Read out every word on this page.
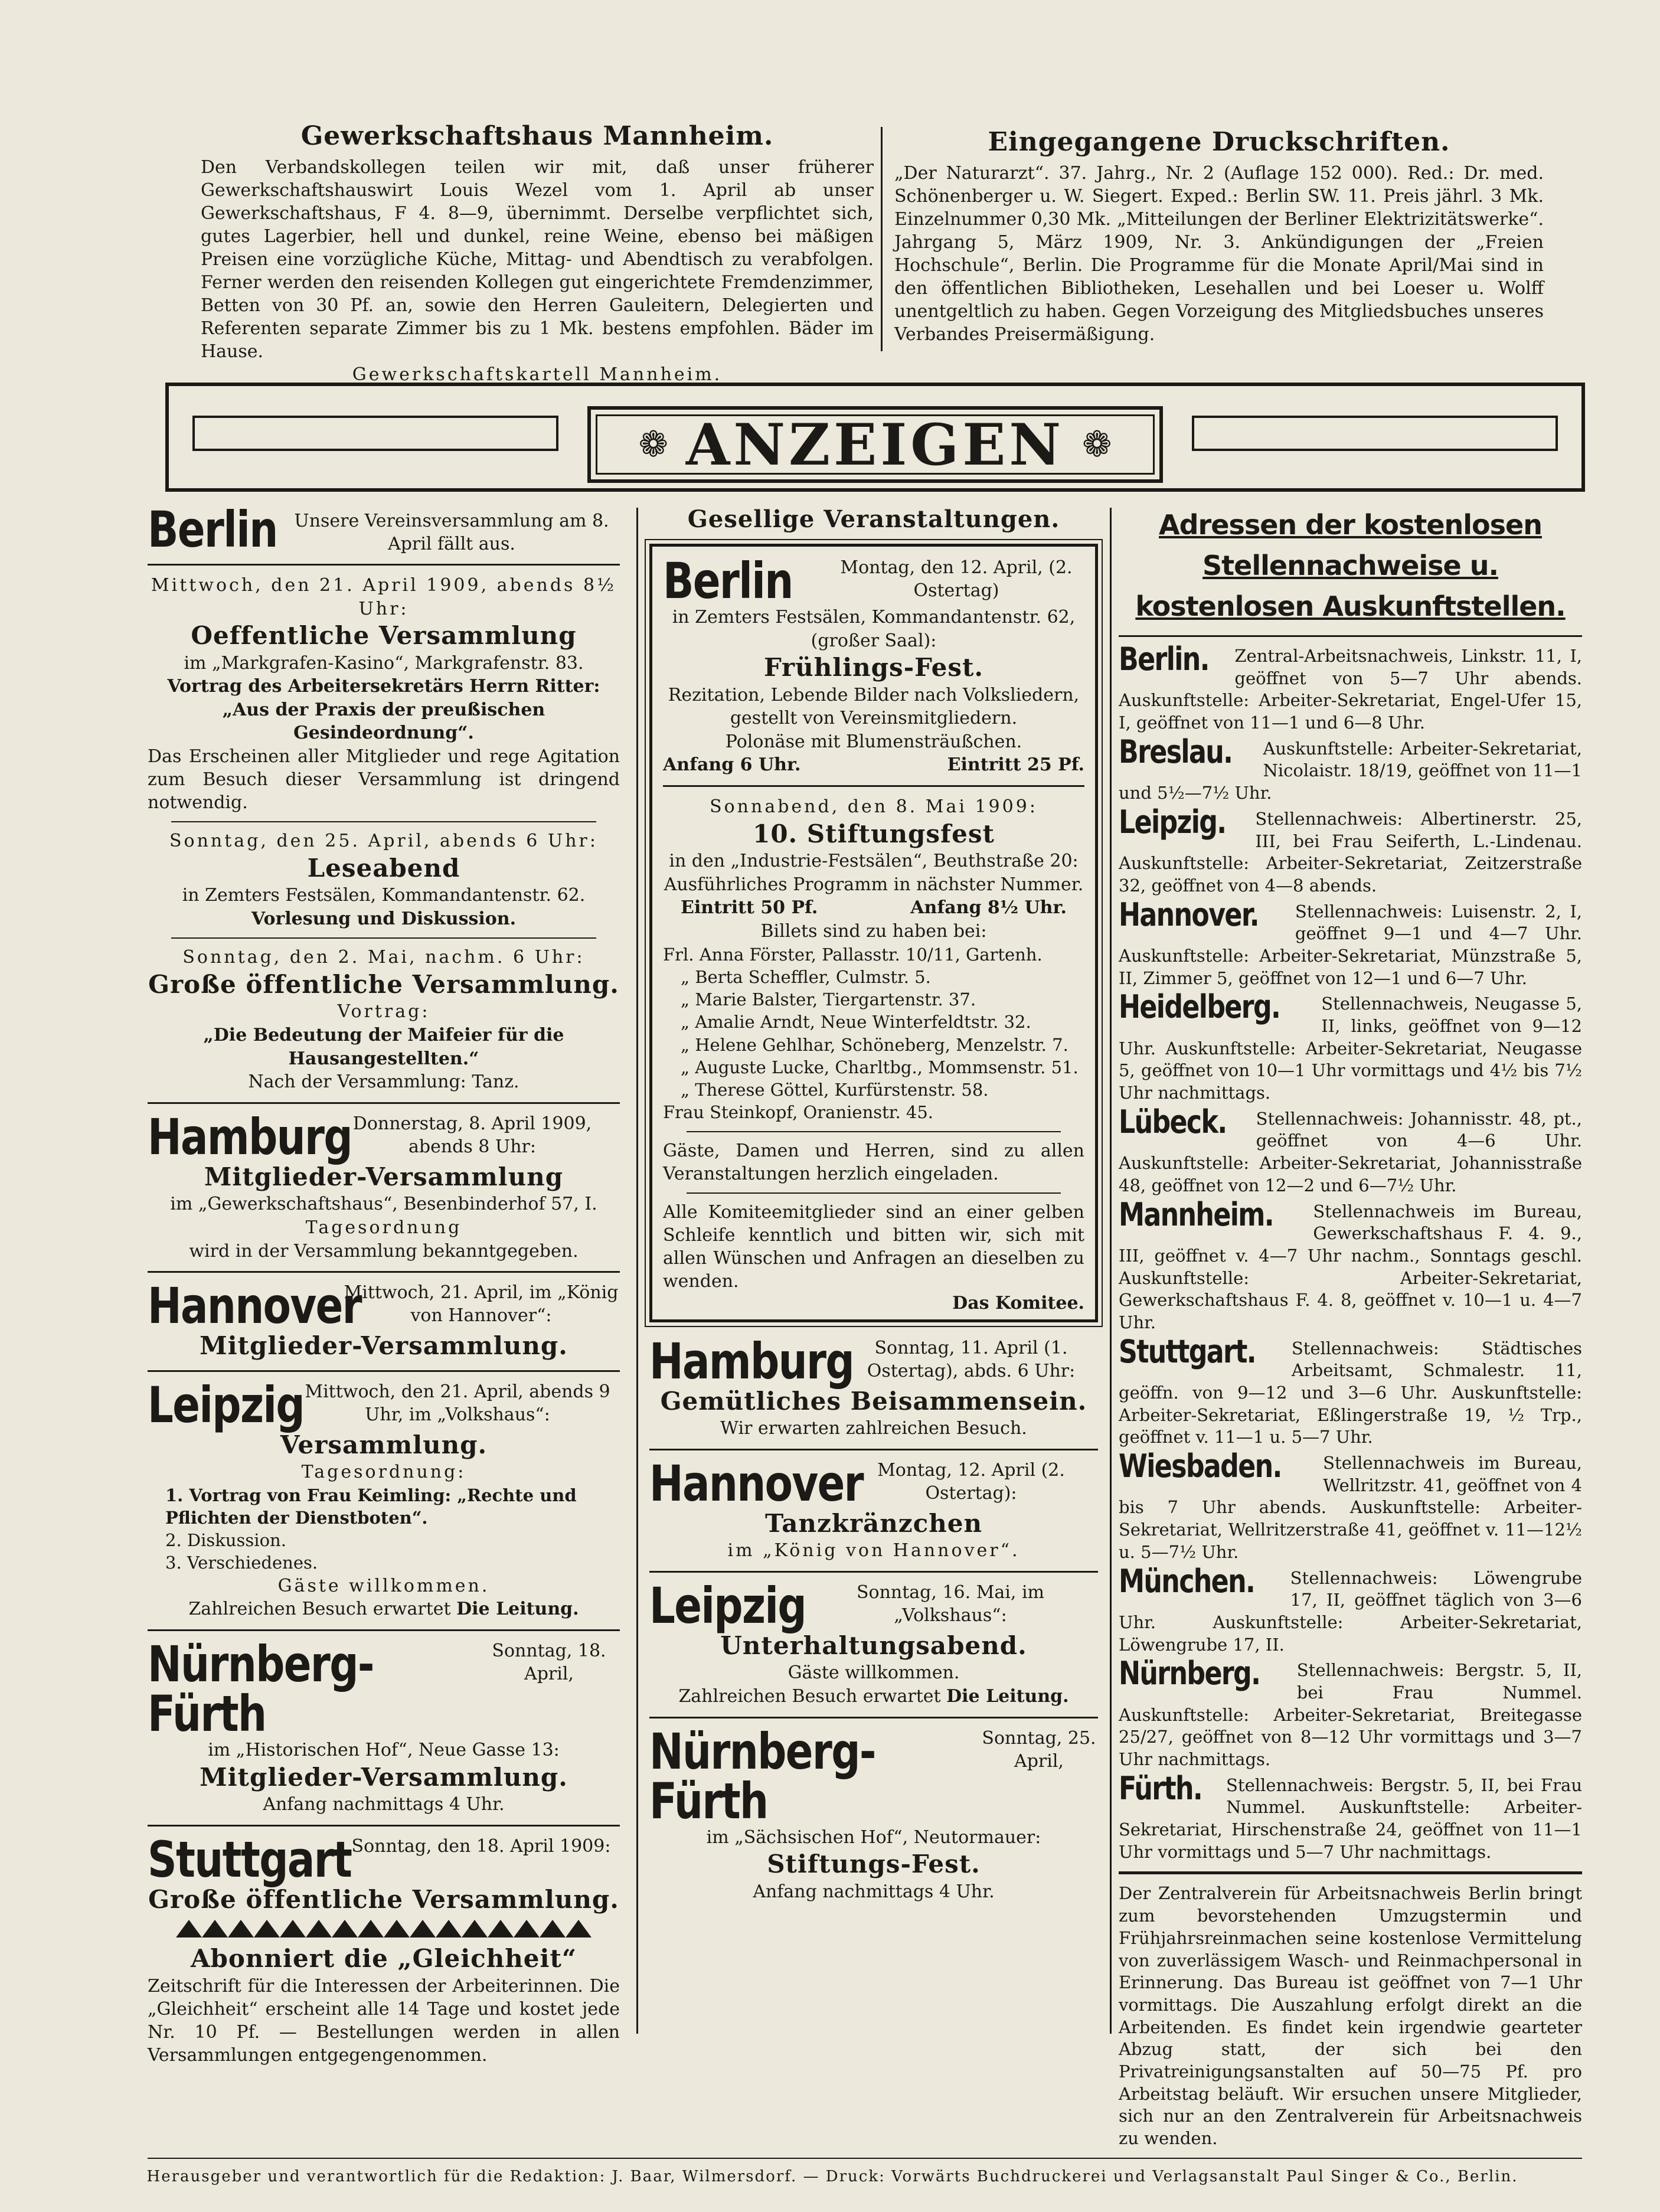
Gewerkschaftshaus Mannheim.

Den Verbandskollegen teilen wir mit, daß unser früherer Gewerkschaftshauswirt Louis Wezel vom 1. April ab unser Gewerkschaftshaus, F 4. 8—9, übernimmt. Derselbe verpflichtet sich, gutes Lagerbier, hell und dunkel, reine Weine, ebenso bei mäßigen Preisen eine vorzügliche Küche, Mittag- und Abendtisch zu verabfolgen. Ferner werden den reisenden Kollegen gut eingerichtete Fremdenzimmer, Betten von 30 Pf. an, sowie den Herren Gauleitern, Delegierten und Referenten separate Zimmer bis zu 1 Mk. bestens empfohlen. Bäder im Hause.

Gewerkschaftskartell Mannheim.
Eingegangene Druckschriften.

„Der Naturarzt“. 37. Jahrg., Nr. 2 (Auflage 152 000). Red.: Dr. med. Schönenberger u. W. Siegert. Exped.: Berlin SW. 11. Preis jährl. 3 Mk. Einzelnummer 0,30 Mk. „Mitteilungen der Berliner Elektrizitätswerke“. Jahrgang 5, März 1909, Nr. 3. Ankündigungen der „Freien Hochschule“, Berlin. Die Programme für die Monate April/Mai sind in den öffentlichen Bibliotheken, Lesehallen und bei Loeser u. Wolff unentgeltlich zu haben. Gegen Vorzeigung des Mitgliedsbuches unseres Verbandes Preisermäßigung.

❁ ANZEIGEN ❁
Berlin Unsere Vereinsversammlung am 8. April fällt aus.
Mittwoch, den 21. April 1909, abends 8½ Uhr:
Oeffentliche Versammlung
im „Markgrafen-Kasino“, Markgrafenstr. 83.
Vortrag des Arbeitersekretärs Herrn Ritter: „Aus der Praxis der preußischen Gesindeordnung“.

Das Erscheinen aller Mitglieder und rege Agitation zum Besuch dieser Versammlung ist dringend notwendig.

Sonntag, den 25. April, abends 6 Uhr:
Leseabend
in Zemters Festsälen, Kommandantenstr. 62.
Vorlesung und Diskussion.
Sonntag, den 2. Mai, nachm. 6 Uhr:
Große öffentliche Versammlung.
Vortrag:
„Die Bedeutung der Maifeier für die Hausangestellten.“
Nach der Versammlung: Tanz.
Hamburg Donnerstag, 8. April 1909, abends 8 Uhr:
Mitglieder-Versammlung
im „Gewerkschaftshaus“, Besenbinderhof 57, I.
Tagesordnung
wird in der Versammlung bekanntgegeben.
Hannover
Mittwoch, 21. April, im „König von Hannover“:
Mitglieder-Versammlung.
Leipzig Mittwoch, den 21. April, abends 9 Uhr, im „Volkshaus“:
Versammlung.
Tagesordnung:
1. Vortrag von Frau Keimling: „Rechte und Pflichten der Dienstboten“.
2. Diskussion.
3. Verschiedenes.
Gäste willkommen.
Zahlreichen Besuch erwartet Die Leitung.
Nürnberg-Fürth
Sonntag, 18. April,
im „Historischen Hof“, Neue Gasse 13:
Mitglieder-Versammlung.
Anfang nachmittags 4 Uhr.
Stuttgart Sonntag, den 18. April 1909:
Große öffentliche Versammlung.
Abonniert die „Gleichheit“

Zeitschrift für die Interessen der Arbeiterinnen. Die „Gleichheit“ erscheint alle 14 Tage und kostet jede Nr. 10 Pf. — Bestellungen werden in allen Versammlungen entgegengenommen.

Gesellige Veranstaltungen.
Berlin	Montag, den 12. April, (2. Ostertag)
in Zemters Festsälen, Kommandantenstr. 62, (großer Saal):
Frühlings-Fest.
Rezitation, Lebende Bilder nach Volksliedern, gestellt von Vereinsmitgliedern.
Polonäse mit Blumensträußchen.
Anfang 6 Uhr.	Eintritt 25 Pf.
Sonnabend, den 8. Mai 1909:
10. Stiftungsfest
in den „Industrie-Festsälen“, Beuthstraße 20:
Ausführliches Programm in nächster Nummer.
Eintritt 50 Pf.	Anfang 8½ Uhr.
Billets sind zu haben bei:
Frl. Anna Förster, Pallasstr. 10/11, Gartenh.
„ Berta Scheffler, Culmstr. 5.
„ Marie Balster, Tiergartenstr. 37.
„ Amalie Arndt, Neue Winterfeldtstr. 32.
„ Helene Gehlhar, Schöneberg, Menzelstr. 7.
„ Auguste Lucke, Charltbg., Mommsenstr. 51.
„ Therese Göttel, Kurfürstenstr. 58.
Frau Steinkopf, Oranienstr. 45.

Gäste, Damen und Herren, sind zu allen Veranstaltungen herzlich eingeladen.

Alle Komiteemitglieder sind an einer gelben Schleife kenntlich und bitten wir, sich mit allen Wünschen und Anfragen an dieselben zu wenden.

Das Komitee.
Hamburg	Sonntag, 11. April (1. Ostertag), abds. 6 Uhr:
Gemütliches Beisammensein.
Wir erwarten zahlreichen Besuch.
Hannover Montag, 12. April (2. Ostertag):
Tanzkränzchen
im „König von Hannover“.
Leipzig	Sonntag, 16. Mai, im „Volkshaus“:
Unterhaltungsabend.
Gäste willkommen.
Zahlreichen Besuch erwartet Die Leitung.
Nürnberg-Fürth
Sonntag, 25. April,
im „Sächsischen Hof“, Neutormauer:
Stiftungs-Fest.
Anfang nachmittags 4 Uhr.
Adressen der kostenlosen Stellennachweise u. kostenlosen Auskunftstellen.
Berlin. Zentral-Arbeitsnachweis, Linkstr. 11, I, geöffnet von 5—7 Uhr abends. Auskunftstelle: Arbeiter-Sekretariat, Engel-Ufer 15, I, geöffnet von 11—1 und 6—8 Uhr.
Breslau. Auskunftstelle: Arbeiter-Sekretariat, Nicolaistr. 18/19, geöffnet von 11—1 und 5½—7½ Uhr.
Leipzig. Stellennachweis: Albertinerstr. 25, III, bei Frau Seiferth, L.-Lindenau. Auskunftstelle: Arbeiter-Sekretariat, Zeitzerstraße 32, geöffnet von 4—8 abends.
Hannover. Stellennachweis: Luisenstr. 2, I, geöffnet 9—1 und 4—7 Uhr. Auskunftstelle: Arbeiter-Sekretariat, Münzstraße 5, II, Zimmer 5, geöffnet von 12—1 und 6—7 Uhr.
Heidelberg. Stellennachweis, Neugasse 5, II, links, geöffnet von 9—12 Uhr. Auskunftstelle: Arbeiter-Sekretariat, Neugasse 5, geöffnet von 10—1 Uhr vormittags und 4½ bis 7½ Uhr nachmittags.
Lübeck. Stellennachweis: Johannisstr. 48, pt., geöffnet von 4—6 Uhr. Auskunftstelle: Arbeiter-Sekretariat, Johannisstraße 48, geöffnet von 12—2 und 6—7½ Uhr.
Mannheim. Stellennachweis im Bureau, Gewerkschaftshaus F. 4. 9., III, geöffnet v. 4—7 Uhr nachm., Sonntags geschl. Auskunftstelle: Arbeiter-Sekretariat, Gewerkschaftshaus F. 4. 8, geöffnet v. 10—1 u. 4—7 Uhr.
Stuttgart. Stellennachweis: Städtisches Arbeitsamt, Schmalestr. 11, geöffn. von 9—12 und 3—6 Uhr. Auskunftstelle: Arbeiter-Sekretariat, Eßlingerstraße 19, ½ Trp., geöffnet v. 11—1 u. 5—7 Uhr.
Wiesbaden. Stellennachweis im Bureau, Wellritzstr. 41, geöffnet von 4 bis 7 Uhr abends. Auskunftstelle: Arbeiter-Sekretariat, Wellritzerstraße 41, geöffnet v. 11—12½ u. 5—7½ Uhr.
München. Stellennachweis: Löwengrube 17, II, geöffnet täglich von 3—6 Uhr. Auskunftstelle: Arbeiter-Sekretariat, Löwengrube 17, II.
Nürnberg. Stellennachweis: Bergstr. 5, II, bei Frau Nummel. Auskunftstelle: Arbeiter-Sekretariat, Breitegasse 25/27, geöffnet von 8—12 Uhr vormittags und 3—7 Uhr nachmittags.
Fürth. Stellennachweis: Bergstr. 5, II, bei Frau Nummel. Auskunftstelle: Arbeiter-Sekretariat, Hirschenstraße 24, geöffnet von 11—1 Uhr vormittags und 5—7 Uhr nachmittags.

Der Zentralverein für Arbeitsnachweis Berlin bringt zum bevorstehenden Umzugstermin und Frühjahrsreinmachen seine kostenlose Vermittelung von zuverlässigem Wasch- und Reinmachpersonal in Erinnerung. Das Bureau ist geöffnet von 7—1 Uhr vormittags. Die Auszahlung erfolgt direkt an die Arbeitenden. Es findet kein irgendwie gearteter Abzug statt, der sich bei den Privatreinigungsanstalten auf 50—75 Pf. pro Arbeitstag beläuft. Wir ersuchen unsere Mitglieder, sich nur an den Zentralverein für Arbeitsnachweis zu wenden.

Herausgeber und verantwortlich für die Redaktion: J. Baar, Wilmersdorf. — Druck: Vorwärts Buchdruckerei und Verlagsanstalt Paul Singer & Co., Berlin.
